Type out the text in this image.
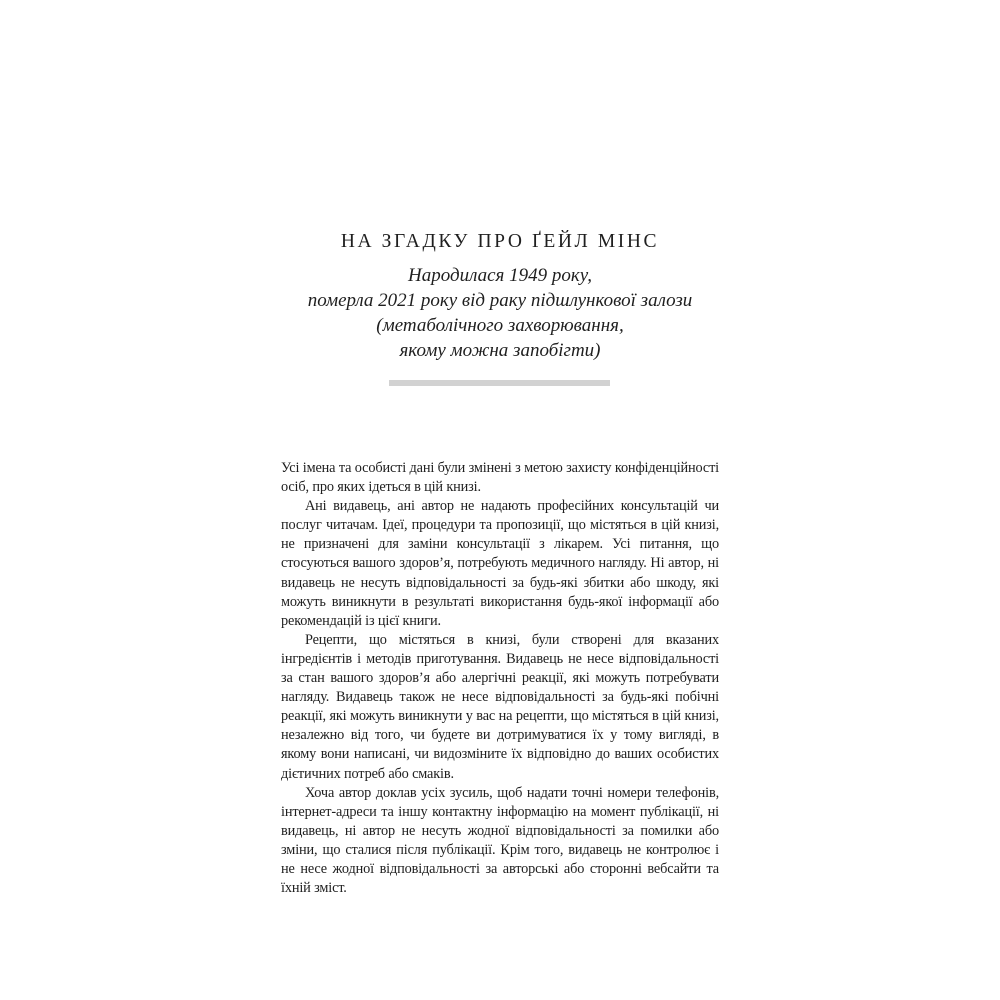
НА ЗГАДКУ ПРО ҐЕЙЛ МІНС
Народилася 1949 року,
померла 2021 року від раку підшлункової залози
(метаболічного захворювання,
якому можна запобігти)

Усі імена та особисті дані були змінені з метою захисту конфіденційності осіб, про яких ідеться в цій книзі.

Ані видавець, ані автор не надають професійних консультацій чи послуг читачам. Ідеї, процедури та пропозиції, що містяться в цій книзі, не призначені для заміни консультації з лікарем. Усі питання, що стосуються вашого здоров’я, потребують медичного нагляду. Ні автор, ні видавець не несуть відповідальності за будь-які збитки або шкоду, які можуть виникнути в результаті використання будь-якої інформації або рекомендацій із цієї книги.

Рецепти, що містяться в книзі, були створені для вказаних інгредієнтів і методів приготування. Видавець не несе відповідальності за стан вашого здоров’я або алергічні реакції, які можуть потребувати нагляду. Видавець також не несе відповідальності за будь-які побічні реакції, які можуть виникнути у вас на рецепти, що містяться в цій книзі, незалежно від того, чи будете ви дотримуватися їх у тому вигляді, в якому вони написані, чи видозміните їх відповідно до ваших особистих дієтичних потреб або смаків.

Хоча автор доклав усіх зусиль, щоб надати точні номери телефонів, інтернет-адреси та іншу контактну інформацію на момент публікації, ні видавець, ні автор не несуть жодної відповідальності за помилки або зміни, що сталися після публікації. Крім того, видавець не контролює і не несе жодної відповідальності за авторські або сторонні вебсайти та їхній зміст.
